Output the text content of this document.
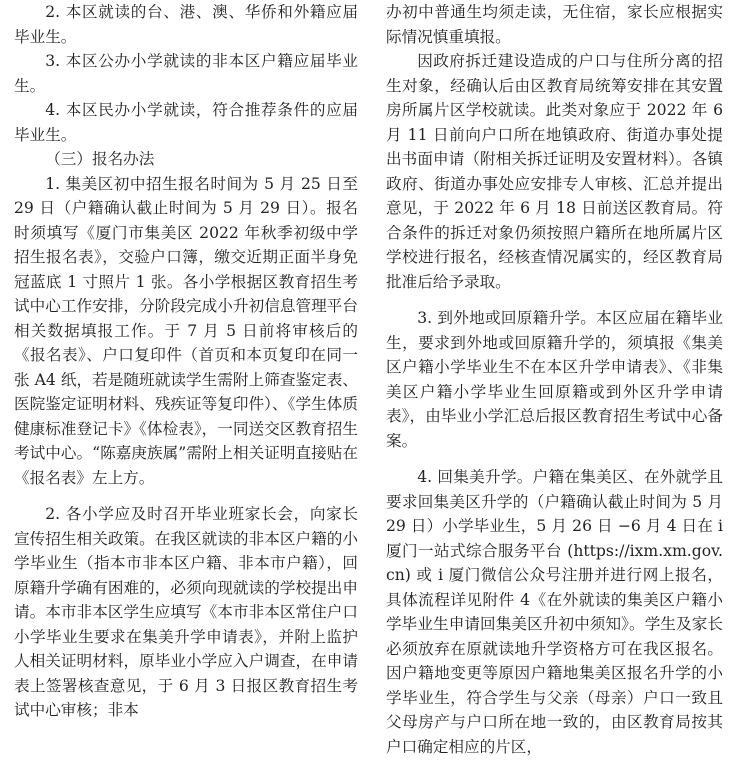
2. 本区就读的台、港、澳、华侨和外籍应届毕业生。

3. 本区公办小学就读的非本区户籍应届毕业生。

4. 本区民办小学就读，符合推荐条件的应届毕业生。

（三）报名办法

1. 集美区初中招生报名时间为 5 月 25 日至 29 日（户籍确认截止时间为 5 月 29 日）。报名时须填写《厦门市集美区 2022 年秋季初级中学招生报名表》，交验户口簿，缴交近期正面半身免冠蓝底 1 寸照片 1 张。各小学根据区教育招生考试中心工作安排，分阶段完成小升初信息管理平台相关数据填报工作。于 7 月 5 日前将审核后的《报名表》、户口复印件（首页和本页复印在同一张 A4 纸，若是随班就读学生需附上筛查鉴定表、医院鉴定证明材料、残疾证等复印件）、《学生体质健康标准登记卡》《体检表》，一同送交区教育招生考试中心。“陈嘉庚族属”需附上相关证明直接贴在《报名表》左上方。

2. 各小学应及时召开毕业班家长会，向家长宣传招生相关政策。在我区就读的非本区户籍的小学毕业生（指本市非本区户籍、非本市户籍），回原籍升学确有困难的，必须向现就读的学校提出申请。本市非本区学生应填写《本市非本区常住户口小学毕业生要求在集美升学申请表》，并附上监护人相关证明材料，原毕业小学应入户调查，在申请表上签署核查意见，于 6 月 3 日报区教育招生考试中心审核；非本

办初中普通生均须走读，无住宿，家长应根据实际情况慎重填报。

因政府拆迁建设造成的户口与住所分离的招生对象，经确认后由区教育局统筹安排在其安置房所属片区学校就读。此类对象应于 2022 年 6 月 11 日前向户口所在地镇政府、街道办事处提出书面申请（附相关拆迁证明及安置材料）。各镇政府、街道办事处应安排专人审核、汇总并提出意见，于 2022 年 6 月 18 日前送区教育局。符合条件的拆迁对象仍须按照户籍所在地所属片区学校进行报名，经核查情况属实的，经区教育局批准后给予录取。

3. 到外地或回原籍升学。本区应届在籍毕业生，要求到外地或回原籍升学的，须填报《集美区户籍小学毕业生不在本区升学申请表》、《非集美区户籍小学毕业生回原籍或到外区升学申请表》，由毕业小学汇总后报区教育招生考试中心备案。

4. 回集美升学。户籍在集美区、在外就学且要求回集美区升学的（户籍确认截止时间为 5 月 29 日）小学毕业生，5 月 26 日 −6 月 4 日在 i 厦门一站式综合服务平台 (https://ixm.xm.gov.cn) 或 i 厦门微信公众号注册并进行网上报名，具体流程详见附件 4《在外就读的集美区户籍小学毕业生申请回集美区升初中须知》。学生及家长必须放弃在原就读地升学资格方可在我区报名。因户籍地变更等原因户籍地集美区报名升学的小学毕业生，符合学生与父亲（母亲）户口一致且父母房产与户口所在地一致的，由区教育局按其户口确定相应的片区，
